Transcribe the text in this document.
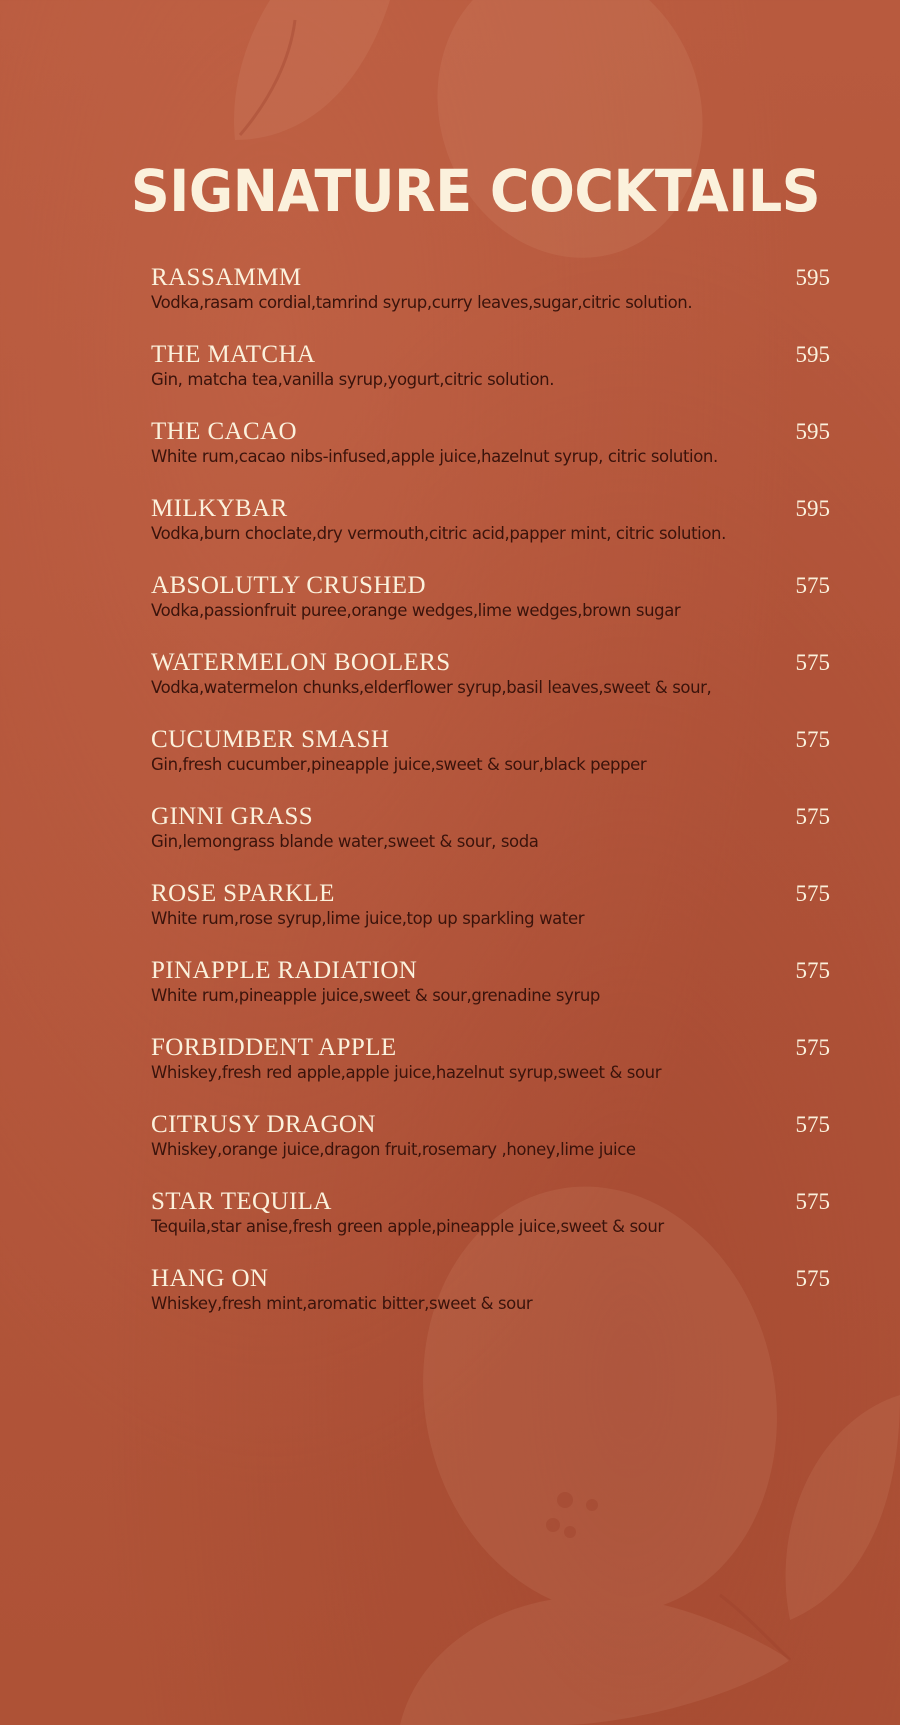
SIGNATURE COCKTAILS
RASSAMMM	595
Vodka,rasam cordial,tamrind syrup,curry leaves,sugar,citric solution.
THE MATCHA	595
Gin, matcha tea,vanilla syrup,yogurt,citric solution.
THE CACAO	595
White rum,cacao nibs-infused,apple juice,hazelnut syrup, citric solution.
MILKYBAR	595
Vodka,burn choclate,dry vermouth,citric acid,papper mint, citric solution.
ABSOLUTLY CRUSHED	575
Vodka,passionfruit puree,orange wedges,lime wedges,brown sugar
WATERMELON BOOLERS	575
Vodka,watermelon chunks,elderflower syrup,basil leaves,sweet & sour,
CUCUMBER SMASH	575
Gin,fresh cucumber,pineapple juice,sweet & sour,black pepper
GINNI GRASS	575
Gin,lemongrass blande water,sweet & sour, soda
ROSE SPARKLE	575
White rum,rose syrup,lime juice,top up sparkling water
PINAPPLE RADIATION	575
White rum,pineapple juice,sweet & sour,grenadine syrup
FORBIDDENT APPLE	575
Whiskey,fresh red apple,apple juice,hazelnut syrup,sweet & sour
CITRUSY DRAGON	575
Whiskey,orange juice,dragon fruit,rosemary ,honey,lime juice
STAR TEQUILA	575
Tequila,star anise,fresh green apple,pineapple juice,sweet & sour
HANG ON	575
Whiskey,fresh mint,aromatic bitter,sweet & sour
